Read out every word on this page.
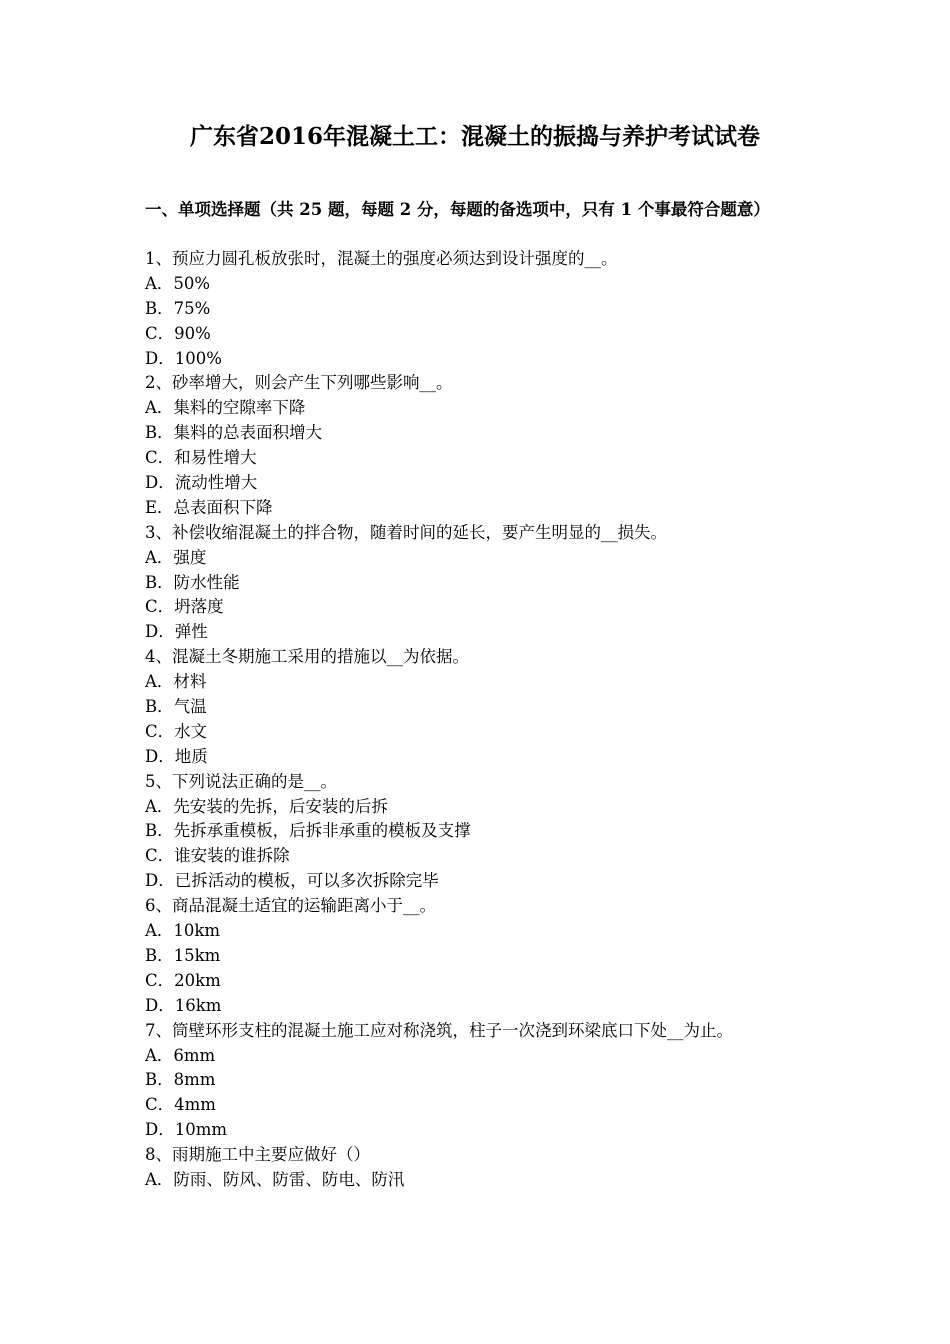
广东省2016年混凝土工：混凝土的振捣与养护考试试卷
一、单项选择题（共 25 题，每题 2 分，每题的备选项中，只有 1 个事最符合题意）
1、预应力圆孔板放张时，混凝土的强度必须达到设计强度的__。
A．50%
B．75%
C．90%
D．100%
2、砂率增大，则会产生下列哪些影响__。
A．集料的空隙率下降
B．集料的总表面积增大
C．和易性增大
D．流动性增大
E．总表面积下降
3、补偿收缩混凝土的拌合物，随着时间的延长，要产生明显的__损失。
A．强度
B．防水性能
C．坍落度
D．弹性
4、混凝土冬期施工采用的措施以__为依据。
A．材料
B．气温
C．水文
D．地质
5、下列说法正确的是__。
A．先安装的先拆，后安装的后拆
B．先拆承重模板，后拆非承重的模板及支撑
C．谁安装的谁拆除
D．已拆活动的模板，可以多次拆除完毕
6、商品混凝土适宜的运输距离小于__。
A．10km
B．15km
C．20km
D．16km
7、筒壁环形支柱的混凝土施工应对称浇筑，柱子一次浇到环梁底口下处__为止。
A．6mm
B．8mm
C．4mm
D．10mm
8、雨期施工中主要应做好（）
A．防雨、防风、防雷、防电、防汛
